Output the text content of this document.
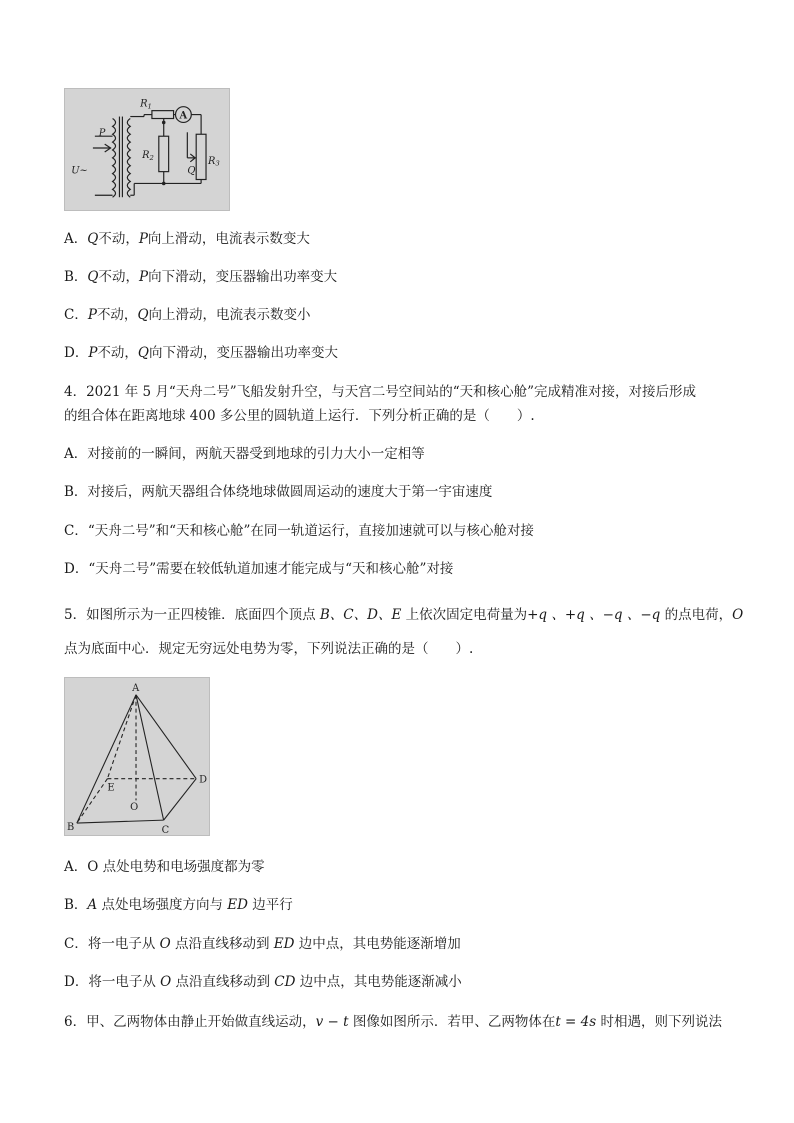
$R_1$
A
P
$R_2$
Q
$R_3$
U~
A．Q不动，P向上滑动，电流表示数变大
B．Q不动，P向下滑动，变压器输出功率变大
C．P不动，Q向上滑动，电流表示数变小
D．P不动，Q向下滑动，变压器输出功率变大
4．2021 年 5 月“天舟二号”飞船发射升空，与天宫二号空间站的“天和核心舱”完成精准对接，对接后形成
的组合体在距离地球 400 多公里的圆轨道上运行．下列分析正确的是（　　）.
A．对接前的一瞬间，两航天器受到地球的引力大小一定相等
B．对接后，两航天器组合体绕地球做圆周运动的速度大于第一宇宙速度
C．“天舟二号”和“天和核心舱”在同一轨道运行，直接加速就可以与核心舱对接
D．“天舟二号”需要在较低轨道加速才能完成与“天和核心舱”对接
5．如图所示为一正四棱锥．底面四个顶点 B、C、D、E 上依次固定电荷量为+q 、+q 、−q 、−q 的点电荷，O
点为底面中心．规定无穷远处电势为零，下列说法正确的是（　　）.
A
B	C
D
E
O
A．O 点处电势和电场强度都为零
B．A 点处电场强度方向与 ED 边平行
C．将一电子从 O 点沿直线移动到 ED 边中点，其电势能逐渐增加
D．将一电子从 O 点沿直线移动到 CD 边中点，其电势能逐渐减小
6．甲、乙两物体由静止开始做直线运动，v − t 图像如图所示．若甲、乙两物体在t = 4s 时相遇，则下列说法
